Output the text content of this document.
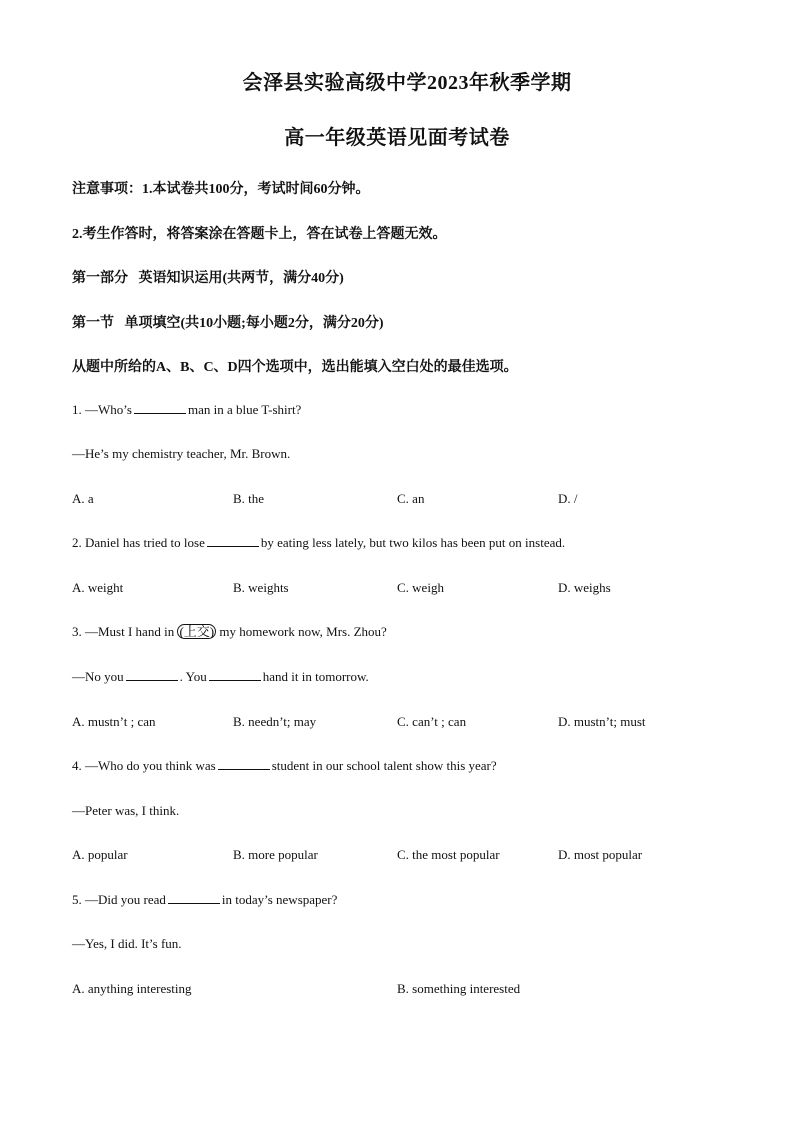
会泽县实验高级中学2023年秋季学期
高一年级英语见面考试卷
注意事项：1.本试卷共100分，考试时间60分钟。
2.考生作答时，将答案涂在答题卡上，答在试卷上答题无效。
第一部分   英语知识运用(共两节，满分40分)
第一节   单项填空(共10小题;每小题2分，满分20分)
从题中所给的A、B、C、D四个选项中，选出能填入空白处的最佳选项。
1. —Who’s	man in a blue T-shirt?
—He’s my chemistry teacher, Mr. Brown.
A. a	B. the	C. an	D. /
2. Daniel has tried to lose	by eating less lately, but two kilos has been put on instead.
A. weight	B. weights	C. weigh	D. weighs
3. —Must I hand in (上交) my homework now, Mrs. Zhou?
—No you	. You	hand it in tomorrow.
A. mustn’t ; can	B. needn’t; may	C. can’t ; can	D. mustn’t; must
4. —Who do you think was	student in our school talent show this year?
—Peter was, I think.
A. popular	B. more popular	C. the most popular	D. most popular
5. —Did you read	in today’s newspaper?
—Yes, I did. It’s fun.
A. anything interesting	B. something interested
